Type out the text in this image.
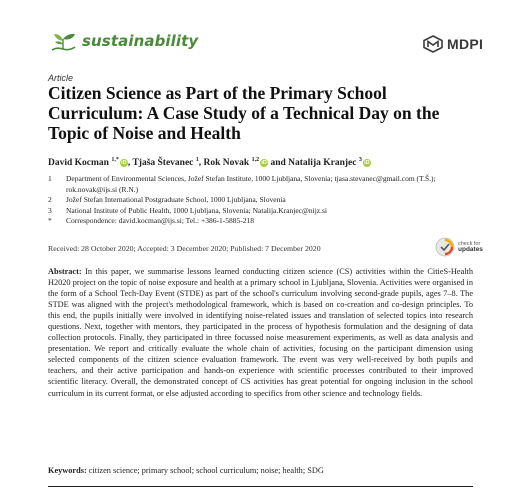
sustainability	MDPI
Article
Citizen Science as Part of the Primary School Curriculum: A Case Study of a Technical Day on the Topic of Noise and Health
David Kocman $^{1,*}$iD, Tjaša Števanec $^1$, Rok Novak $^{1,2}$iD and Natalija Kranjec $^3$iD
1	Department of Environmental Sciences, Jožef Stefan Institute, 1000 Ljubljana, Slovenia; tjasa.stevanec@gmail.com (T.Š.); rok.novak@ijs.si (R.N.)
2	Jožef Stefan International Postgraduate School, 1000 Ljubljana, Slovenia
3	National Institute of Public Health, 1000 Ljubljana, Slovenia; Natalija.Kranjec@nijz.si
*	Correspondence: david.kocman@ijs.si; Tel.: +386-1-5885-218
Received: 28 October 2020; Accepted: 3 December 2020; Published: 7 December 2020
check for
updates
Abstract: In this paper, we summarise lessons learned conducting citizen science (CS) activities within the CitieS-Health H2020 project on the topic of noise exposure and health at a primary school in Ljubljana, Slovenia. Activities were organised in the form of a School Tech-Day Event (STDE) as part of the school's curriculum involving second-grade pupils, ages 7–8. The STDE was aligned with the project's methodological framework, which is based on co-creation and co-design principles. To this end, the pupils initially were involved in identifying noise-related issues and translation of selected topics into research questions. Next, together with mentors, they participated in the process of hypothesis formulation and the designing of data collection protocols. Finally, they participated in three focussed noise measurement experiments, as well as data analysis and presentation. We report and critically evaluate the whole chain of activities, focusing on the participant dimension using selected components of the citizen science evaluation framework. The event was very well-received by both pupils and teachers, and their active participation and hands-on experience with scientific processes contributed to their improved scientific literacy. Overall, the demonstrated concept of CS activities has great potential for ongoing inclusion in the school curriculum in its current format, or else adjusted according to specifics from other science and technology fields.
Keywords: citizen science; primary school; school curriculum; noise; health; SDG
